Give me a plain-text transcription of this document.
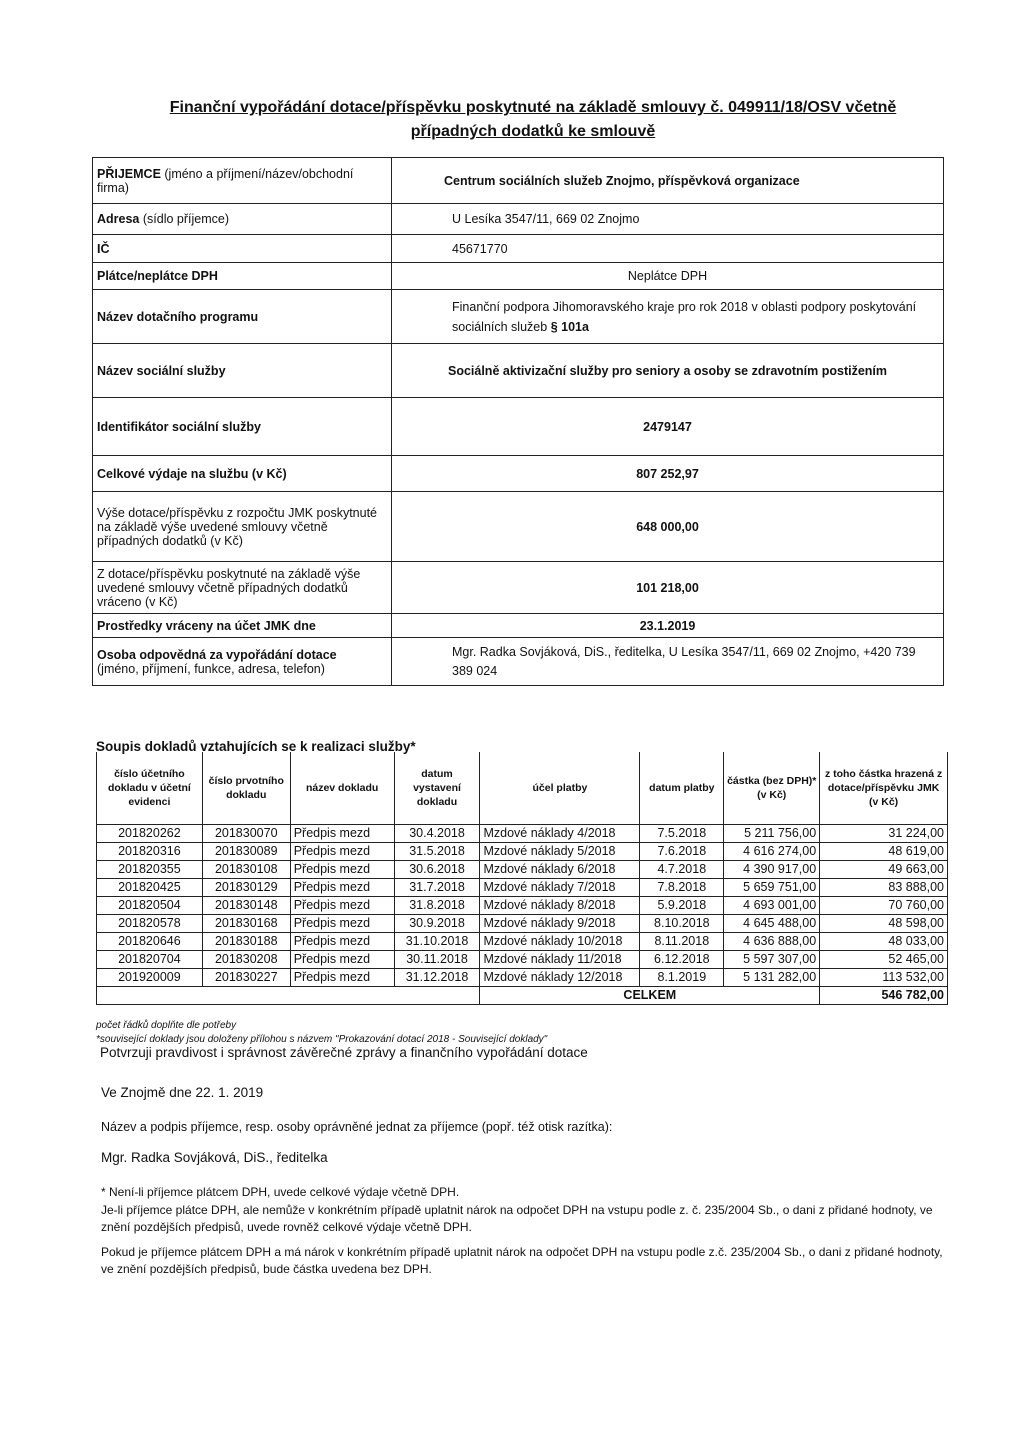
Finanční vypořádání dotace/příspěvku poskytnuté na základě smlouvy č. 049911/18/OSV včetně
případných dodatků ke smlouvě
PŘIJEMCE (jméno a příjmení/název/obchodní firma)	Centrum sociálních služeb Znojmo, příspěvková organizace
Adresa (sídlo příjemce)	U Lesíka 3547/11, 669 02 Znojmo
IČ	45671770
Plátce/neplátce DPH	Neplátce DPH
Název dotačního programu	Finanční podpora Jihomoravského kraje pro rok 2018 v oblasti podpory poskytování sociálních služeb § 101a
Název sociální služby	Sociálně aktivizační služby pro seniory a osoby se zdravotním postižením
Identifikátor sociální služby	2479147
Celkové výdaje na službu (v Kč)	807 252,97
Výše dotace/příspěvku z rozpočtu JMK poskytnuté na základě výše uvedené smlouvy včetně případných dodatků (v Kč)	648 000,00
Z dotace/příspěvku poskytnuté na základě výše uvedené smlouvy včetně případných dodatků vráceno (v Kč)	101 218,00
Prostředky vráceny na účet JMK dne	23.1.2019
Osoba odpovědná za vypořádání dotace
(jméno, příjmení, funkce, adresa, telefon)	Mgr. Radka Sovjáková, DiS., ředitelka, U Lesíka 3547/11, 669 02 Znojmo, +420 739 389 024
Soupis dokladů vztahujících se k realizaci služby*
číslo účetního dokladu v účetní evidenci	číslo prvotního dokladu	název dokladu	datum vystavení dokladu	účel platby	datum platby	částka (bez DPH)* (v Kč)	z toho částka hrazená z dotace/příspěvku JMK (v Kč)
201820262	201830070	Předpis mezd	30.4.2018	Mzdové náklady 4/2018	7.5.2018	5 211 756,00	31 224,00
201820316	201830089	Předpis mezd	31.5.2018	Mzdové náklady 5/2018	7.6.2018	4 616 274,00	48 619,00
201820355	201830108	Předpis mezd	30.6.2018	Mzdové náklady 6/2018	4.7.2018	4 390 917,00	49 663,00
201820425	201830129	Předpis mezd	31.7.2018	Mzdové náklady 7/2018	7.8.2018	5 659 751,00	83 888,00
201820504	201830148	Předpis mezd	31.8.2018	Mzdové náklady 8/2018	5.9.2018	4 693 001,00	70 760,00
201820578	201830168	Předpis mezd	30.9.2018	Mzdové náklady 9/2018	8.10.2018	4 645 488,00	48 598,00
201820646	201830188	Předpis mezd	31.10.2018	Mzdové náklady 10/2018	8.11.2018	4 636 888,00	48 033,00
201820704	201830208	Předpis mezd	30.11.2018	Mzdové náklady 11/2018	6.12.2018	5 597 307,00	52 465,00
201920009	201830227	Předpis mezd	31.12.2018	Mzdové náklady 12/2018	8.1.2019	5 131 282,00	113 532,00
				CELKEM			546 782,00
počet řádků doplňte dle potřeby
*související doklady jsou doloženy přílohou s názvem "Prokazování dotací 2018 - Související doklady"
Potvrzuji pravdivost i správnost závěrečné zprávy a finančního vypořádání dotace
Ve Znojmě dne 22. 1. 2019
Název a podpis příjemce, resp. osoby oprávněné jednat za příjemce (popř. též otisk razítka):
Mgr. Radka Sovjáková, DiS., ředitelka
* Není-li příjemce plátcem DPH, uvede celkové výdaje včetně DPH.
Je-li příjemce plátce DPH, ale nemůže v konkrétním případě uplatnit nárok na odpočet DPH na vstupu podle z. č. 235/2004 Sb., o dani z přidané hodnoty, ve znění pozdějších předpisů, uvede rovněž celkové výdaje včetně DPH.
Pokud je příjemce plátcem DPH a má nárok v konkrétním případě uplatnit nárok na odpočet DPH na vstupu podle z.č. 235/2004 Sb., o dani z přidané hodnoty, ve znění pozdějších předpisů, bude částka uvedena bez DPH.
